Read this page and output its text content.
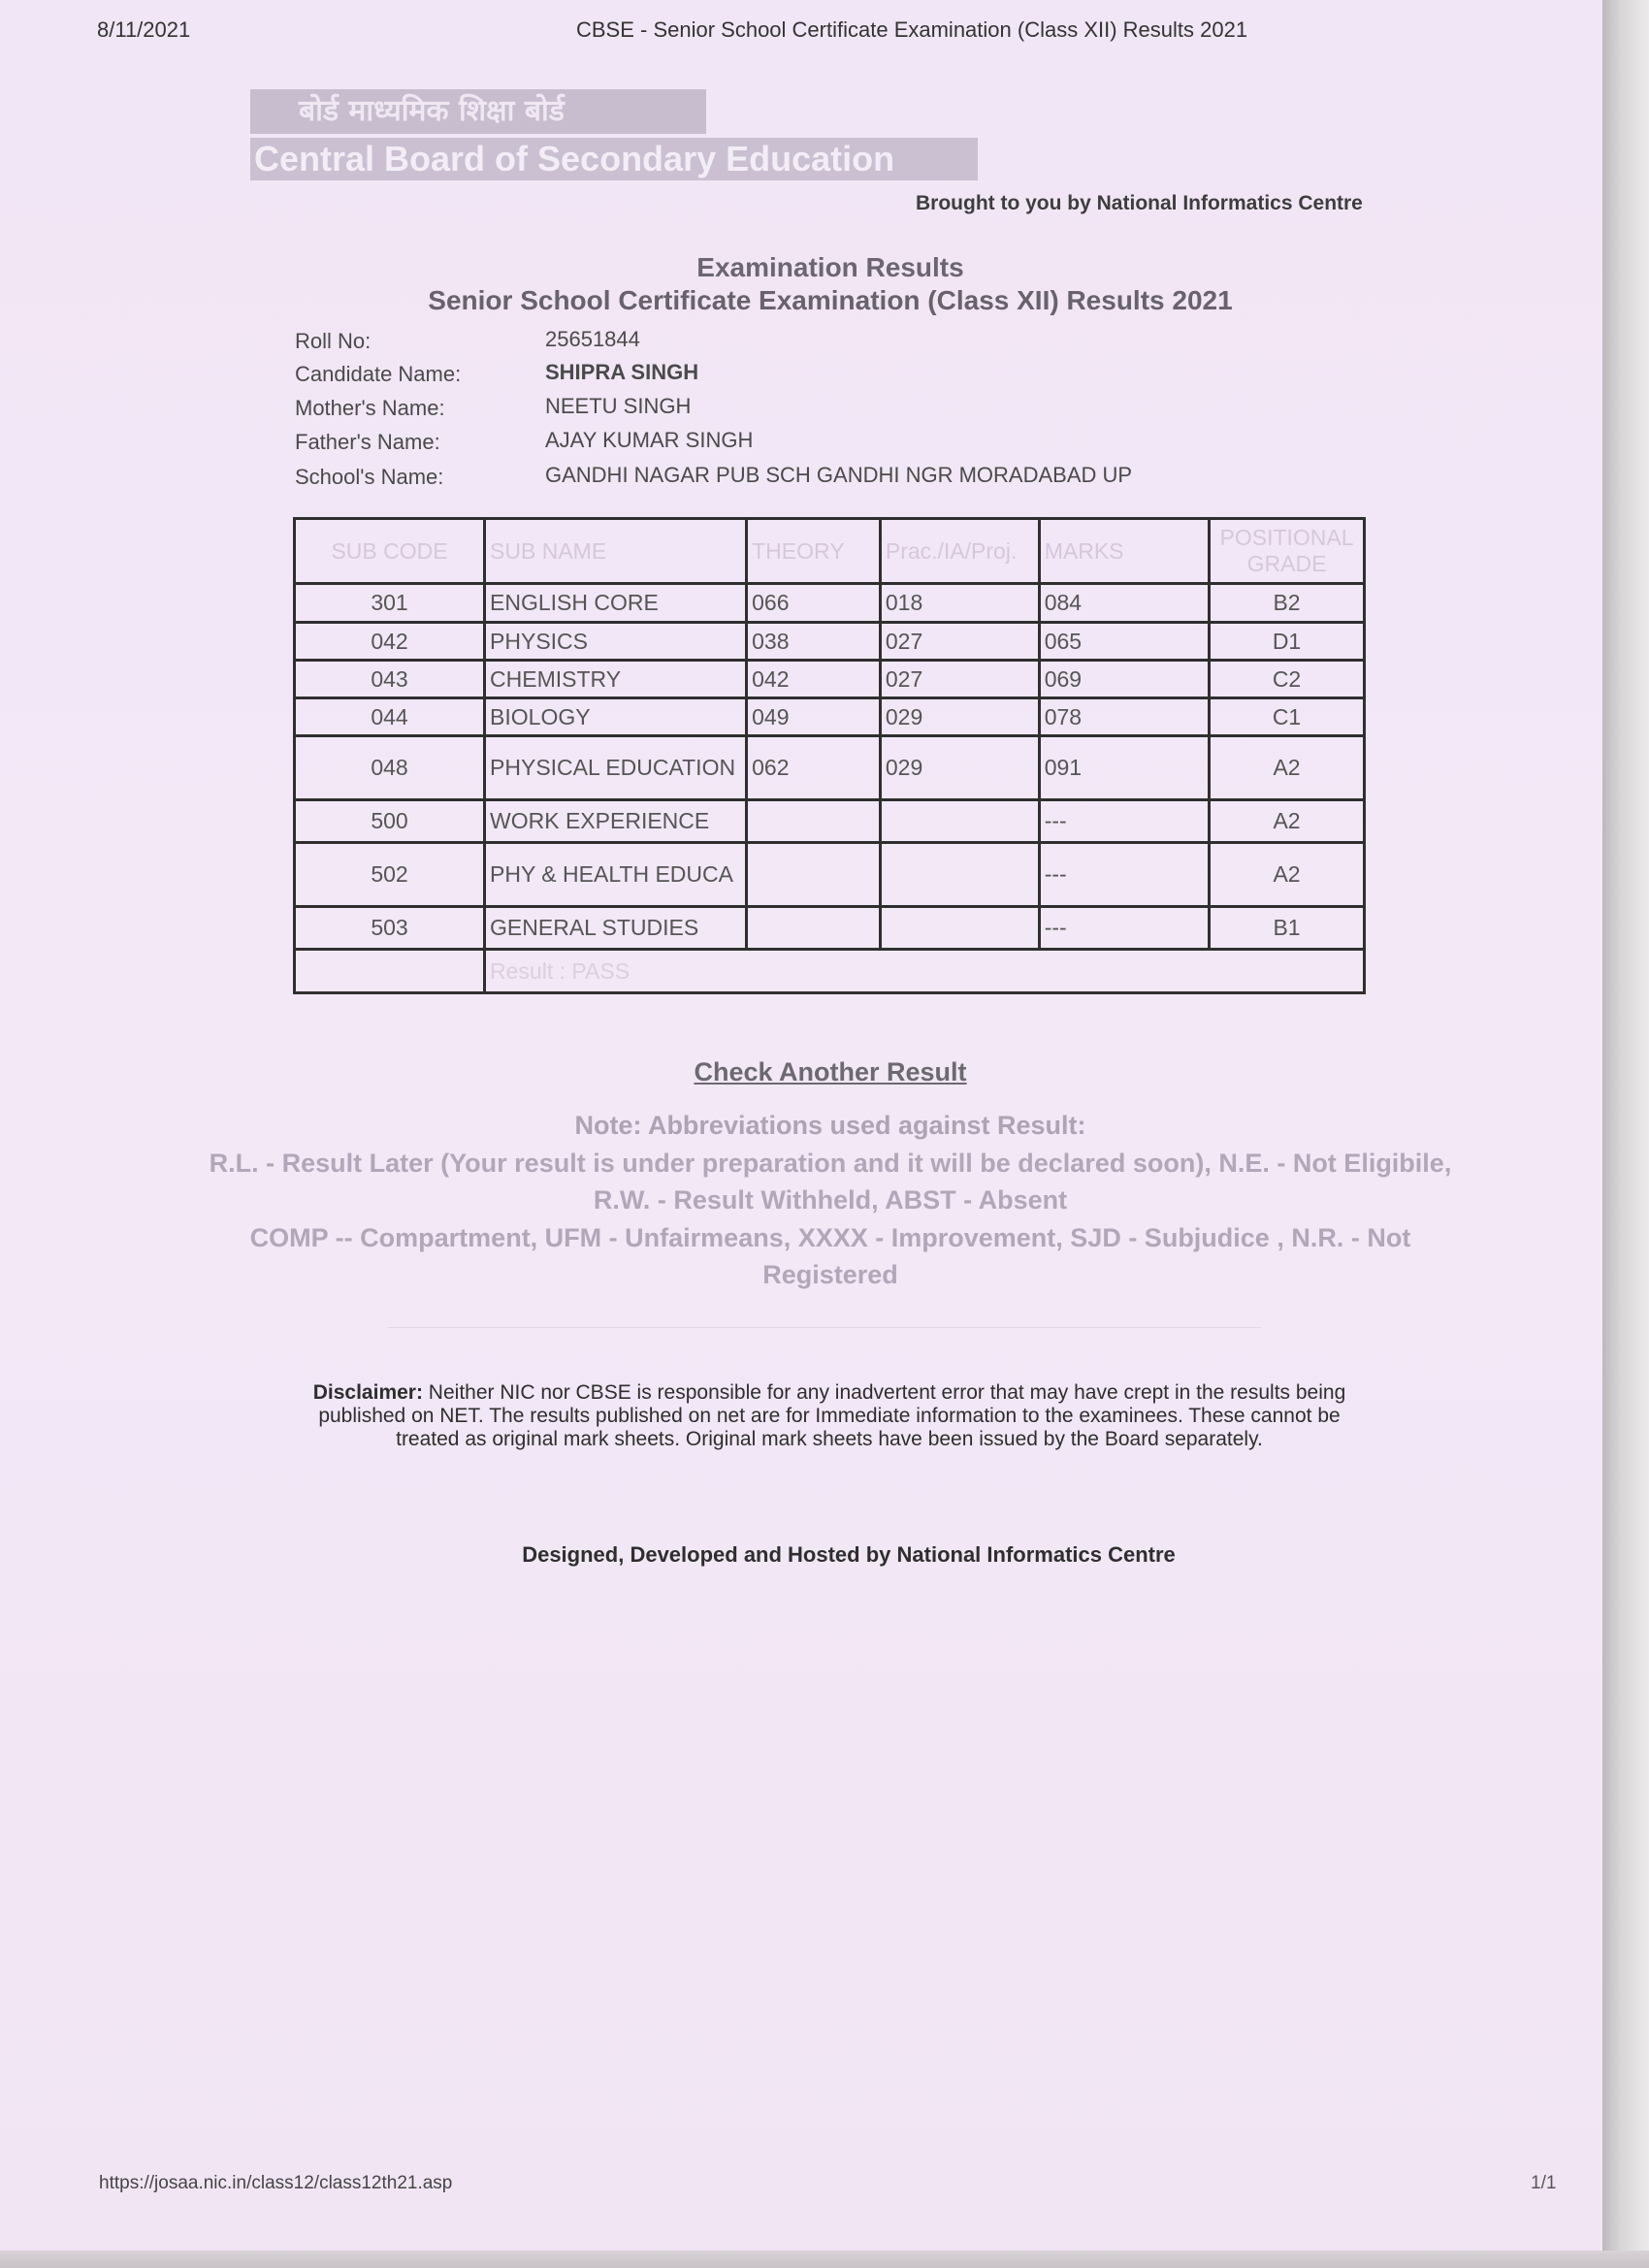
8/11/2021	CBSE - Senior School Certificate Examination (Class XII) Results 2021
बोर्ड माध्यमिक शिक्षा बोर्ड
Central Board of Secondary Education
Brought to you by National Informatics Centre
Examination Results
Senior School Certificate Examination (Class XII) Results 2021
Roll No:	25651844
Candidate Name:	SHIPRA SINGH
Mother's Name:	NEETU SINGH
Father's Name:	AJAY KUMAR SINGH
School's Name:	GANDHI NAGAR PUB SCH GANDHI NGR MORADABAD UP
SUB CODE	SUB NAME	THEORY	Prac./IA/Proj.	MARKS	POSITIONAL GRADE
301	ENGLISH CORE	066	018	084	B2
042	PHYSICS	038	027	065	D1
043	CHEMISTRY	042	027	069	C2
044	BIOLOGY	049	029	078	C1
048	PHYSICAL EDUCATION	062	029	091	A2
500	WORK EXPERIENCE			---	A2
502	PHY & HEALTH EDUCA			---	A2
503	GENERAL STUDIES			---	B1
	Result : PASS				
Check Another Result
Note: Abbreviations used against Result:
R.L. - Result Later (Your result is under preparation and it will be declared soon), N.E. - Not Eligibile,
R.W. - Result Withheld, ABST - Absent
COMP -- Compartment, UFM - Unfairmeans, XXXX - Improvement, SJD - Subjudice , N.R. - Not
Registered
Disclaimer: Neither NIC nor CBSE is responsible for any inadvertent error that may have crept in the results being published on NET. The results published on net are for Immediate information to the examinees. These cannot be treated as original mark sheets. Original mark sheets have been issued by the Board separately.
Designed, Developed and Hosted by National Informatics Centre
https://josaa.nic.in/class12/class12th21.asp	1/1
